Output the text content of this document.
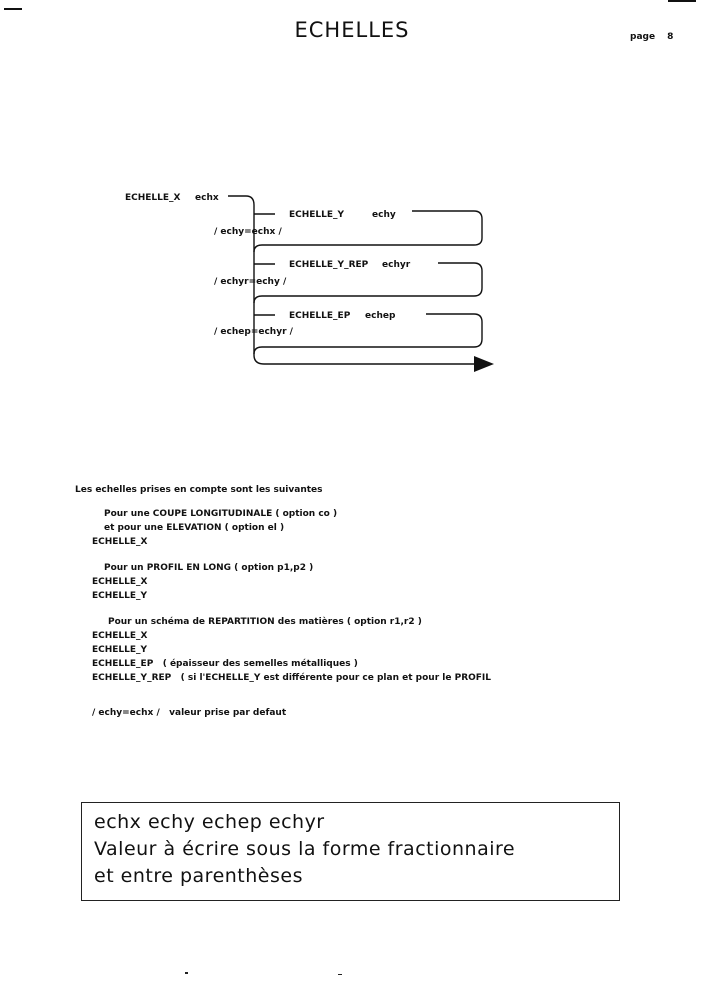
ECHELLES	page 8
ECHELLE_X echx
ECHELLE_Y	echy
/ echy=echx /
ECHELLE_Y_REP echyr
/ echyr=echy /
ECHELLE_EP echep
/ echep=echyr /
Les echelles prises en compte sont les suivantes
Pour une COUPE LONGITUDINALE ( option co )
et pour une ELEVATION ( option el )
ECHELLE_X
Pour un PROFIL EN LONG ( option p1,p2 )
ECHELLE_X
ECHELLE_Y
Pour un schéma de REPARTITION des matières ( option r1,r2 )
ECHELLE_X
ECHELLE_Y
ECHELLE_EP   ( épaisseur des semelles métalliques )
ECHELLE_Y_REP   ( si l'ECHELLE_Y est différente pour ce plan et pour le PROFIL
/ echy=echx /   valeur prise par defaut
echx echy echep echyr
Valeur à écrire sous la forme fractionnaire
et entre parenthèses
